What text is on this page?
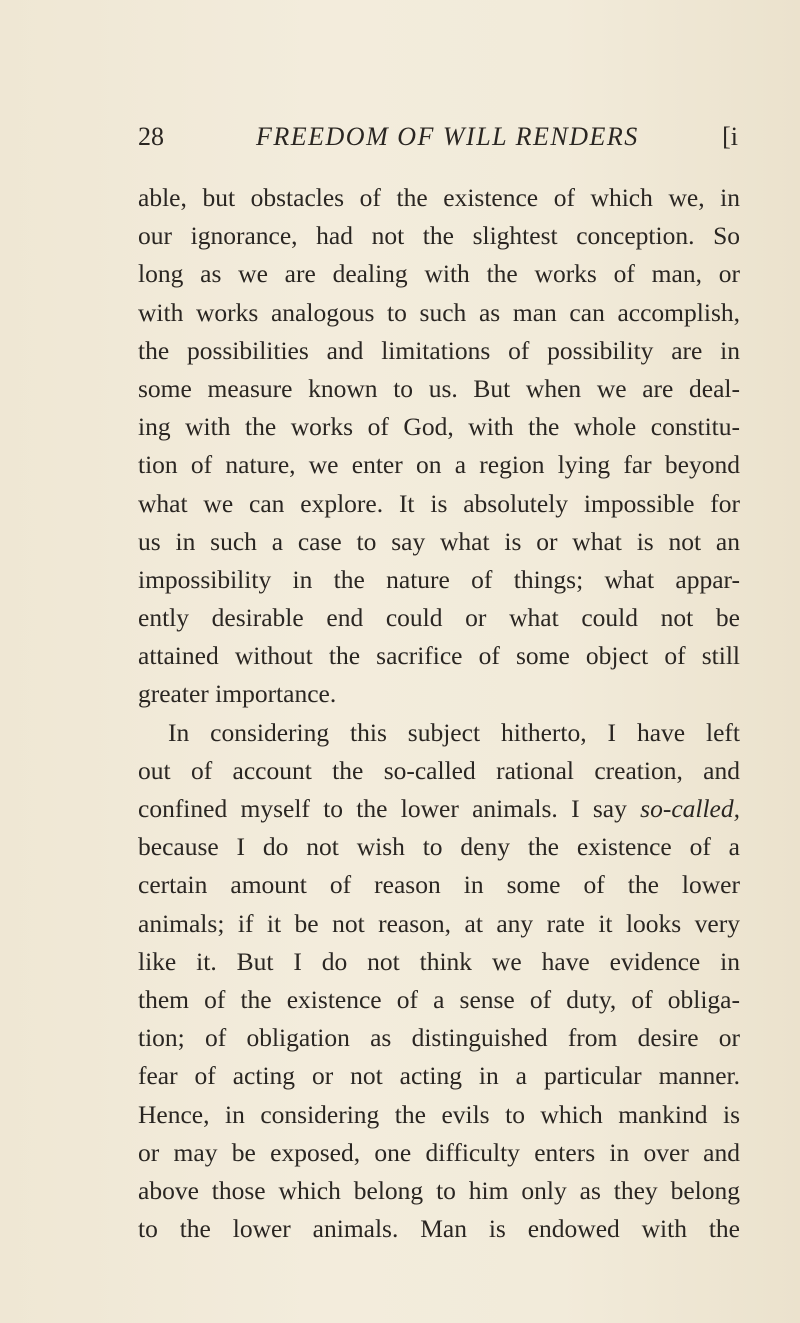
28	FREEDOM OF WILL RENDERS	[i
able, but obstacles of the existence of which we, in
our ignorance, had not the slightest conception. So
long as we are dealing with the works of man, or
with works analogous to such as man can accomplish,
the possibilities and limitations of possibility are in
some measure known to us. But when we are deal-
ing with the works of God, with the whole constitu-
tion of nature, we enter on a region lying far beyond
what we can explore. It is absolutely impossible for
us in such a case to say what is or what is not an
impossibility in the nature of things; what appar-
ently desirable end could or what could not be
attained without the sacrifice of some object of still
greater importance.
In considering this subject hitherto, I have left
out of account the so-called rational creation, and
confined myself to the lower animals. I say so-called,
because I do not wish to deny the existence of a
certain amount of reason in some of the lower
animals; if it be not reason, at any rate it looks very
like it. But I do not think we have evidence in
them of the existence of a sense of duty, of obliga-
tion; of obligation as distinguished from desire or
fear of acting or not acting in a particular manner.
Hence, in considering the evils to which mankind is
or may be exposed, one difficulty enters in over and
above those which belong to him only as they belong
to the lower animals. Man is endowed with the
